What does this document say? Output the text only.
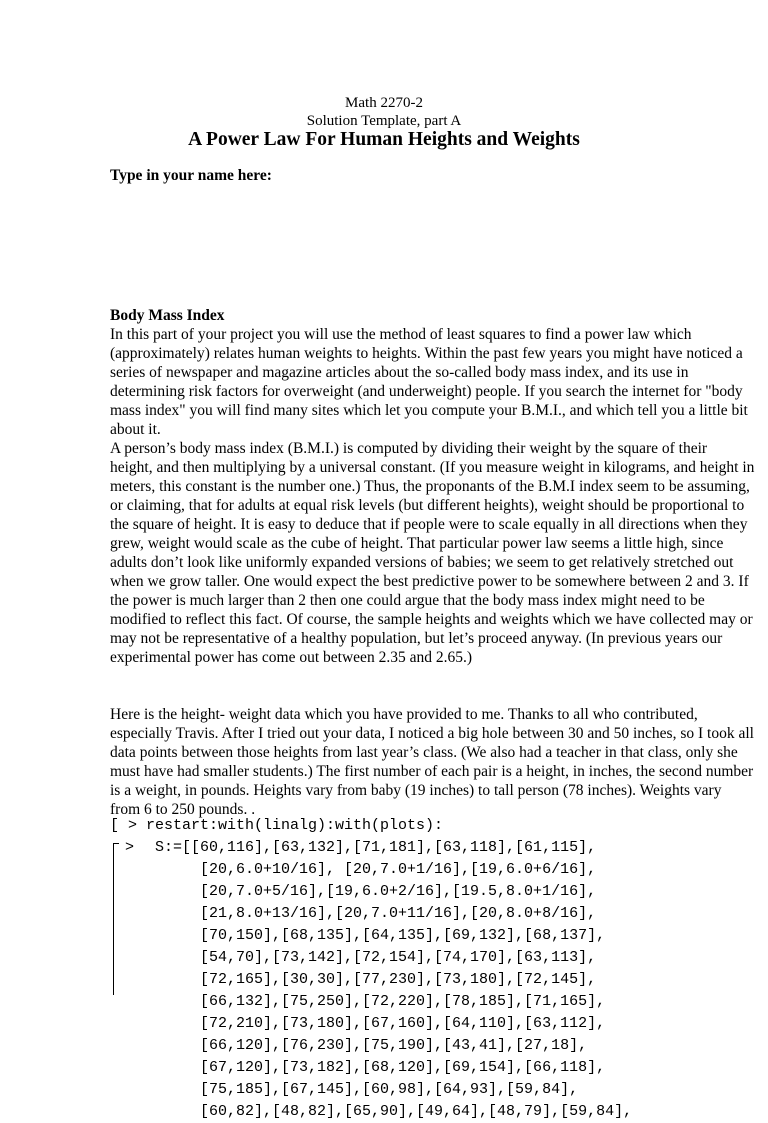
Math 2270-2
Solution Template, part A
A Power Law For Human Heights and Weights
Type in your name here:
Body Mass Index
In this part of your project you will use the method of least squares to find a power law which
(approximately) relates human weights to heights. Within the past few years you might have noticed a
series of newspaper and magazine articles about the so-called body mass index, and its use in
determining risk factors for overweight (and underweight) people. If you search the internet for "body
mass index" you will find many sites which let you compute your B.M.I., and which tell you a little bit
about it.
A person’s body mass index (B.M.I.) is computed by dividing their weight by the square of their
height, and then multiplying by a universal constant. (If you measure weight in kilograms, and height in
meters, this constant is the number one.) Thus, the proponants of the B.M.I index seem to be assuming,
or claiming, that for adults at equal risk levels (but different heights), weight should be proportional to
the square of height. It is easy to deduce that if people were to scale equally in all directions when they
grew, weight would scale as the cube of height. That particular power law seems a little high, since
adults don’t look like uniformly expanded versions of babies; we seem to get relatively stretched out
when we grow taller. One would expect the best predictive power to be somewhere between 2 and 3. If
the power is much larger than 2 then one could argue that the body mass index might need to be
modified to reflect this fact. Of course, the sample heights and weights which we have collected may or
may not be representative of a healthy population, but let’s proceed anyway. (In previous years our
experimental power has come out between 2.35 and 2.65.)
Here is the height- weight data which you have provided to me. Thanks to all who contributed,
especially Travis. After I tried out your data, I noticed a big hole between 30 and 50 inches, so I took all
data points between those heights from last year’s class. (We also had a teacher in that class, only she
must have had smaller students.) The first number of each pair is a height, in inches, the second number
is a weight, in pounds. Heights vary from baby (19 inches) to tall person (78 inches). Weights vary
from 6 to 250 pounds. .
[ > restart:with(linalg):with(plots):
> S:=[[60,116],[63,132],[71,181],[63,118],[61,115],
[20,6.0+10/16], [20,7.0+1/16],[19,6.0+6/16],
[20,7.0+5/16],[19,6.0+2/16],[19.5,8.0+1/16],
[21,8.0+13/16],[20,7.0+11/16],[20,8.0+8/16],
[70,150],[68,135],[64,135],[69,132],[68,137],
[54,70],[73,142],[72,154],[74,170],[63,113],
[72,165],[30,30],[77,230],[73,180],[72,145],
[66,132],[75,250],[72,220],[78,185],[71,165],
[72,210],[73,180],[67,160],[64,110],[63,112],
[66,120],[76,230],[75,190],[43,41],[27,18],
[67,120],[73,182],[68,120],[69,154],[66,118],
[75,185],[67,145],[60,98],[64,93],[59,84],
[60,82],[48,82],[65,90],[49,64],[48,79],[59,84],
